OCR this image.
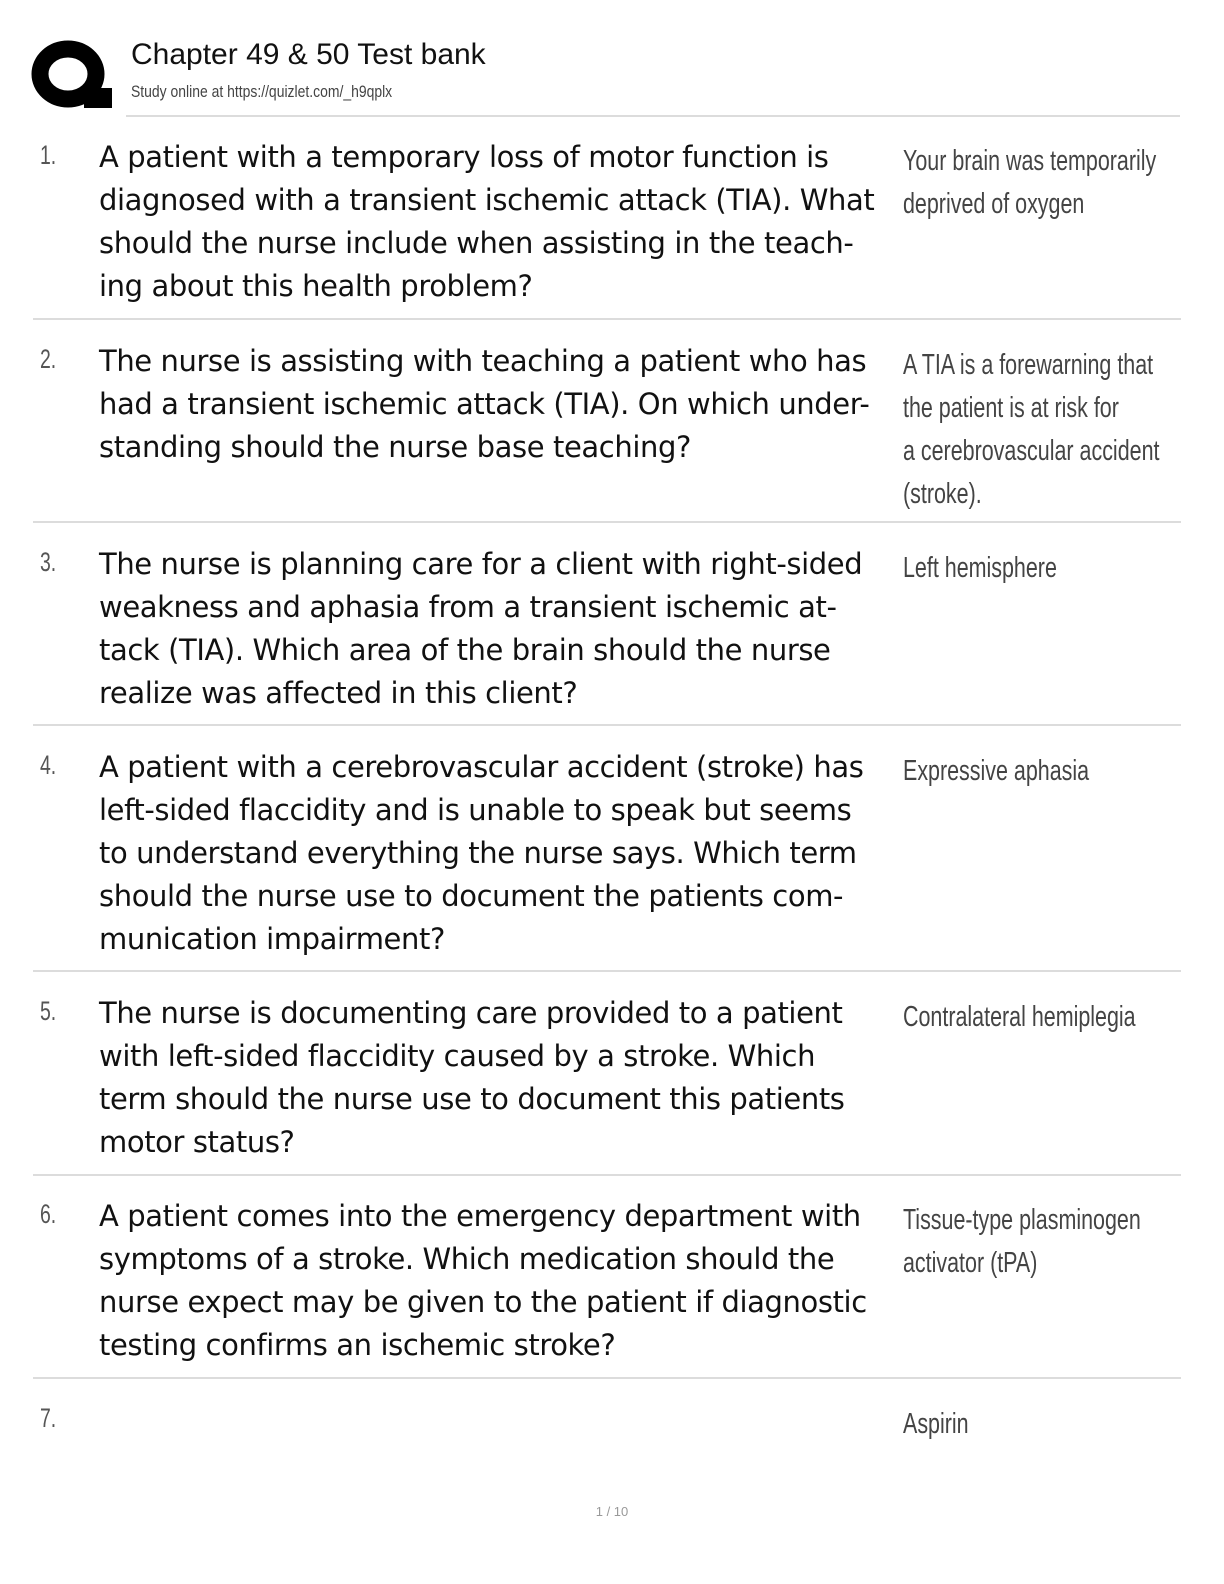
Chapter 49 & 50 Test bank
Study online at https://quizlet.com/_h9qplx
1. A patient with a temporary loss of motor function is
diagnosed with a transient ischemic attack (TIA). What
should the nurse include when assisting in the teach-
ing about this health problem?
Your brain was temporarily
deprived of oxygen
2. The nurse is assisting with teaching a patient who has
had a transient ischemic attack (TIA). On which under-
standing should the nurse base teaching?
A TIA is a forewarning that
the patient is at risk for
a cerebrovascular accident
(stroke).
3. The nurse is planning care for a client with right-sided
weakness and aphasia from a transient ischemic at-
tack (TIA). Which area of the brain should the nurse
realize was affected in this client?
Left hemisphere
4. A patient with a cerebrovascular accident (stroke) has
left-sided flaccidity and is unable to speak but seems
to understand everything the nurse says. Which term
should the nurse use to document the patients com-
munication impairment?
Expressive aphasia
5. The nurse is documenting care provided to a patient
with left-sided flaccidity caused by a stroke. Which
term should the nurse use to document this patients
motor status?
Contralateral hemiplegia
6. A patient comes into the emergency department with
symptoms of a stroke. Which medication should the
nurse expect may be given to the patient if diagnostic
testing confirms an ischemic stroke?
Tissue-type plasminogen
activator (tPA)
7.	Aspirin
1 / 10
